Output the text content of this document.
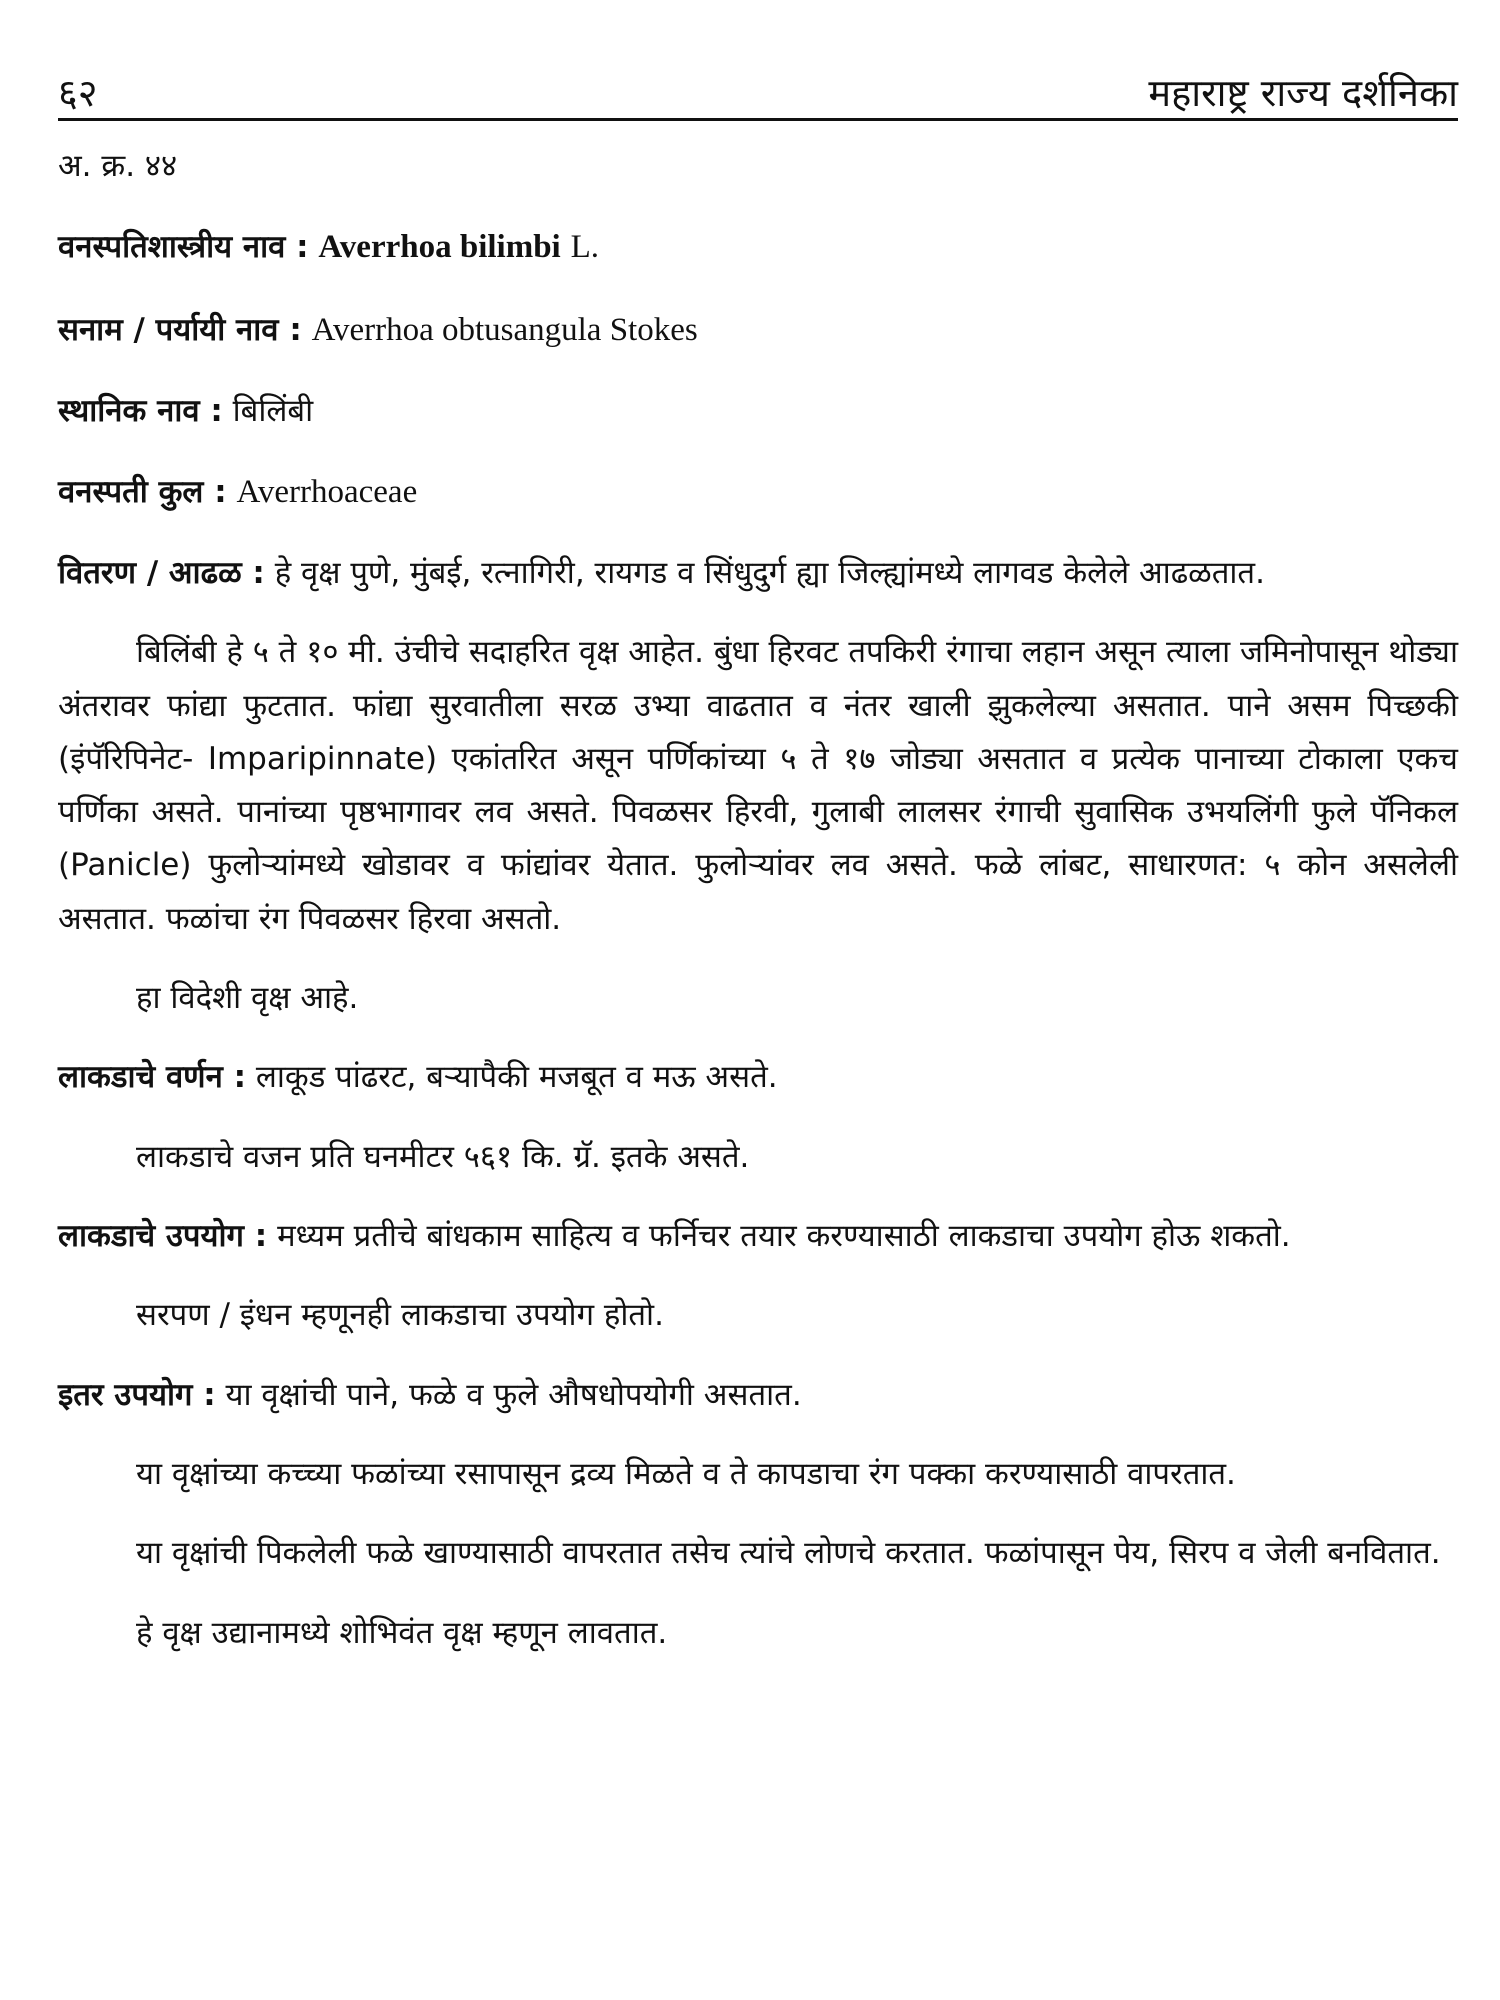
६२	महाराष्ट्र राज्य दर्शनिका

अ. क्र. ४४

वनस्पतिशास्त्रीय नाव : Averrhoa bilimbi L.

सनाम / पर्यायी नाव : Averrhoa obtusangula Stokes

स्थानिक नाव : बिलिंबी

वनस्पती कुल : Averrhoaceae

वितरण / आढळ : हे वृक्ष पुणे, मुंबई, रत्नागिरी, रायगड व सिंधुदुर्ग ह्या जिल्ह्यांमध्ये लागवड केलेले आढळतात.

बिलिंबी हे ५ ते १० मी. उंचीचे सदाहरित वृक्ष आहेत. बुंधा हिरवट तपकिरी रंगाचा लहान असून त्याला जमिनोपासून थोड्या अंतरावर फांद्या फुटतात. फांद्या सुरवातीला सरळ उभ्या वाढतात व नंतर खाली झुकलेल्या असतात. पाने असम पिच्छकी (इंपॅरिपिनेट- Imparipinnate) एकांतरित असून पर्णिकांच्या ५ ते १७ जोड्या असतात व प्रत्येक पानाच्या टोकाला एकच पर्णिका असते. पानांच्या पृष्ठभागावर लव असते. पिवळसर हिरवी, गुलाबी लालसर रंगाची सुवासिक उभयलिंगी फुले पॅनिकल (Panicle) फुलोऱ्यांमध्ये खोडावर व फांद्यांवर येतात. फुलोऱ्यांवर लव असते. फळे लांबट, साधारणत: ५ कोन असलेली असतात. फळांचा रंग पिवळसर हिरवा असतो.

हा विदेशी वृक्ष आहे.

लाकडाचे वर्णन : लाकूड पांढरट, बऱ्यापैकी मजबूत व मऊ असते.

लाकडाचे वजन प्रति घनमीटर ५६१ कि. ग्रॅ. इतके असते.

लाकडाचे उपयोग : मध्यम प्रतीचे बांधकाम साहित्य व फर्निचर तयार करण्यासाठी लाकडाचा उपयोग होऊ शकतो.

सरपण / इंधन म्हणूनही लाकडाचा उपयोग होतो.

इतर उपयोग : या वृक्षांची पाने, फळे व फुले औषधोपयोगी असतात.

या वृक्षांच्या कच्च्या फळांच्या रसापासून द्रव्य मिळते व ते कापडाचा रंग पक्का करण्यासाठी वापरतात.

या वृक्षांची पिकलेली फळे खाण्यासाठी वापरतात तसेच त्यांचे लोणचे करतात. फळांपासून पेय, सिरप व जेली बनवितात.

हे वृक्ष उद्यानामध्ये शोभिवंत वृक्ष म्हणून लावतात.
